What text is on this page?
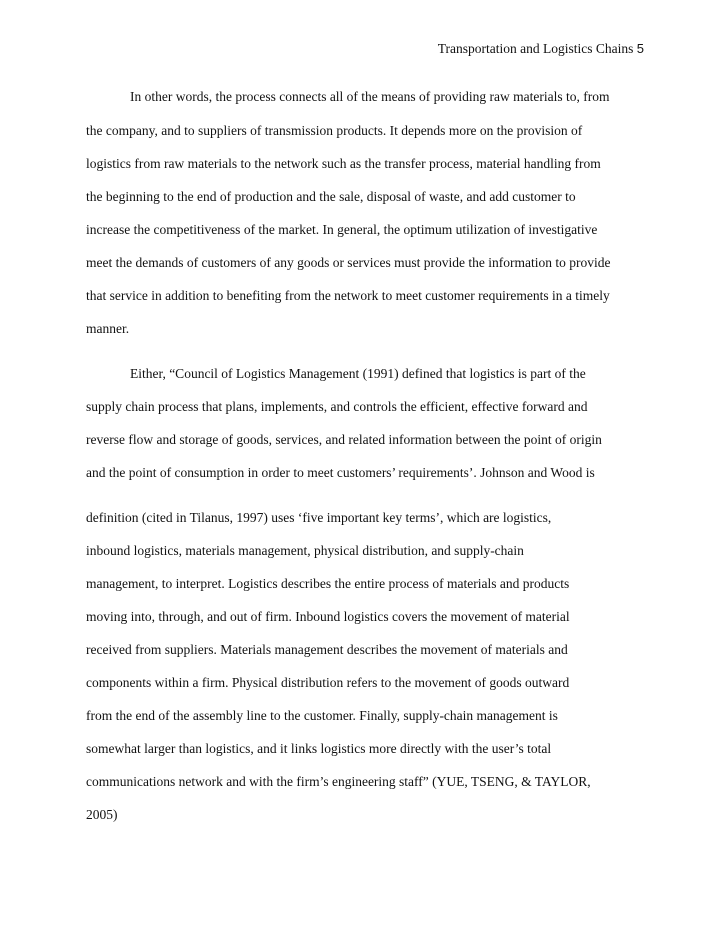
Transportation and Logistics Chains 5
In other words, the process connects all of the means of providing raw materials to, from
the company, and to suppliers of transmission products. It depends more on the provision of
logistics from raw materials to the network such as the transfer process, material handling from
the beginning to the end of production and the sale, disposal of waste, and add customer to
increase the competitiveness of the market. In general, the optimum utilization of investigative
meet the demands of customers of any goods or services must provide the information to provide
that service in addition to benefiting from the network to meet customer requirements in a timely
manner.
Either, “Council of Logistics Management (1991) defined that logistics is part of the
supply chain process that plans, implements, and controls the efficient, effective forward and
reverse flow and storage of goods, services, and related information between the point of origin
and the point of consumption in order to meet customers’ requirements’. Johnson and Wood is
definition (cited in Tilanus, 1997) uses ‘five important key terms’, which are logistics,
inbound logistics, materials management, physical distribution, and supply-chain
management, to interpret. Logistics describes the entire process of materials and products
moving into, through, and out of firm. Inbound logistics covers the movement of material
received from suppliers. Materials management describes the movement of materials and
components within a firm. Physical distribution refers to the movement of goods outward
from the end of the assembly line to the customer. Finally, supply-chain management is
somewhat larger than logistics, and it links logistics more directly with the user’s total
communications network and with the firm’s engineering staff” (YUE, TSENG, & TAYLOR,
2005)
